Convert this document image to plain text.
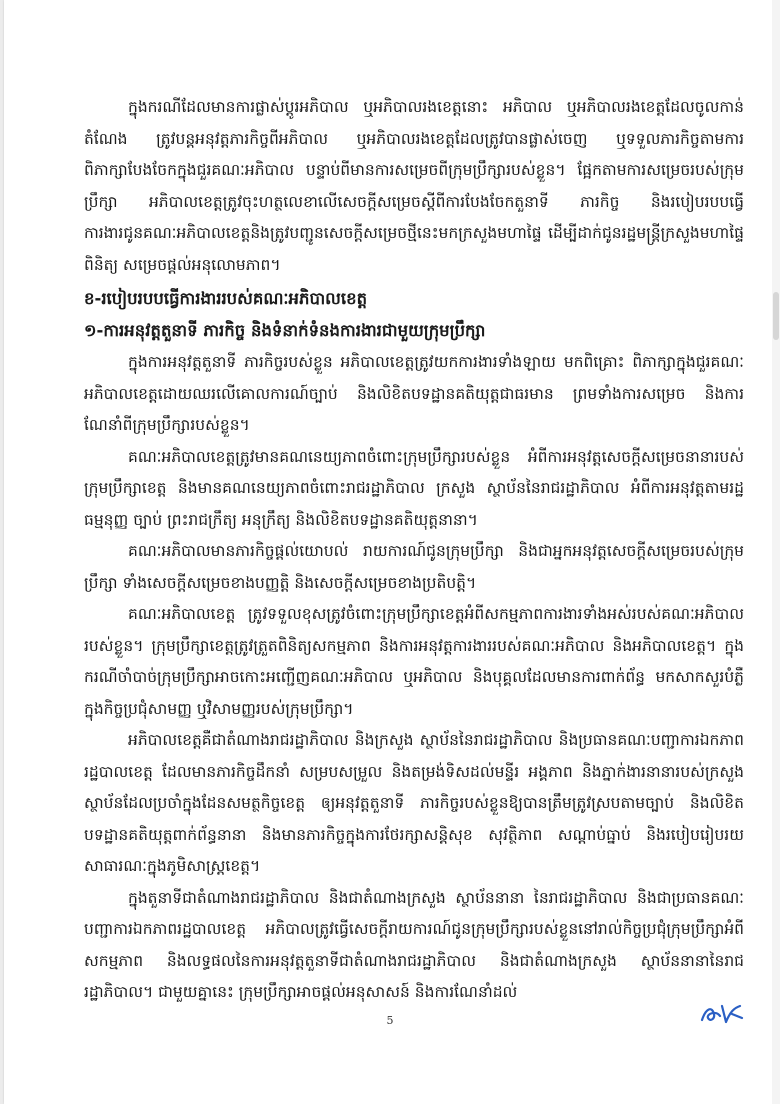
ក្នុងករណីដែលមានការផ្លាស់ប្តូរអភិបាល ឬអភិបាលរងខេត្តនោះ អភិបាល ឬអភិបាលរងខេត្តដែលចូលកាន់តំណែង ត្រូវបន្តអនុវត្តភារកិច្ចពីអភិបាល ឬអភិបាលរងខេត្តដែលត្រូវបានផ្លាស់ចេញ ឬទទួលភារកិច្ចតាមការពិភាក្សាបែងចែកក្នុងជួរគណៈអភិបាល បន្ទាប់ពីមានការសម្រេចពីក្រុមប្រឹក្សារបស់ខ្លួន។ ផ្អែកតាមការសម្រេចរបស់ក្រុមប្រឹក្សា អភិបាលខេត្តត្រូវចុះហត្ថលេខាលើសេចក្តីសម្រេចស្តីពីការបែងចែកតួនាទី ភារកិច្ច និងរបៀបរបបធ្វើការងារជូនគណៈអភិបាលខេត្តនិងត្រូវបញ្ជូនសេចក្តីសម្រេចថ្មីនេះមកក្រសួងមហាផ្ទៃ ដើម្បីដាក់ជូនរដ្ឋមន្ត្រីក្រសួងមហាផ្ទៃ ពិនិត្យ សម្រេចផ្តល់អនុលោមភាព។

ខ-របៀបរបបធ្វើការងាររបស់គណៈអភិបាលខេត្ត

១-ការអនុវត្តតួនាទី ភារកិច្ច និងទំនាក់ទំនងការងារជាមួយក្រុមប្រឹក្សា

ក្នុងការអនុវត្តតួនាទី ភារកិច្ចរបស់ខ្លួន អភិបាលខេត្តត្រូវយកការងារទាំងឡាយ មកពិគ្រោះ ពិភាក្សាក្នុងជួរគណៈអភិបាលខេត្តដោយឈរលើគោលការណ៍ច្បាប់ និងលិខិតបទដ្ឋានគតិយុត្តជាធរមាន ព្រមទាំងការសម្រេច និងការណែនាំពីក្រុមប្រឹក្សារបស់ខ្លួន។

គណៈអភិបាលខេត្តត្រូវមានគណនេយ្យភាពចំពោះក្រុមប្រឹក្សារបស់ខ្លួន អំពីការអនុវត្តសេចក្តីសម្រេចនានារបស់ក្រុមប្រឹក្សាខេត្ត និងមានគណនេយ្យភាពចំពោះរាជរដ្ឋាភិបាល ក្រសួង ស្ថាប័ននៃរាជរដ្ឋាភិបាល អំពីការអនុវត្តតាមរដ្ឋធម្មនុញ្ញ ច្បាប់ ព្រះរាជក្រឹត្យ អនុក្រឹត្យ និងលិខិតបទដ្ឋានគតិយុត្តនានា។

គណៈអភិបាលមានភារកិច្ចផ្តល់យោបល់ រាយការណ៍ជូនក្រុមប្រឹក្សា និងជាអ្នកអនុវត្តសេចក្តីសម្រេចរបស់ក្រុមប្រឹក្សា ទាំងសេចក្តីសម្រេចខាងបញ្ញត្តិ និងសេចក្តីសម្រេចខាងប្រតិបត្តិ។

គណៈអភិបាលខេត្ត ត្រូវទទួលខុសត្រូវចំពោះក្រុមប្រឹក្សាខេត្តអំពីសកម្មភាពការងារទាំងអស់របស់គណៈអភិបាលរបស់ខ្លួន។ ក្រុមប្រឹក្សាខេត្តត្រូវត្រួតពិនិត្យសកម្មភាព និងការអនុវត្តការងាររបស់គណៈអភិបាល និងអភិបាលខេត្ត។ ក្នុងករណីចាំបាច់ក្រុមប្រឹក្សាអាចកោះអញ្ជើញគណៈអភិបាល ឬអភិបាល និងបុគ្គលដែលមានការពាក់ព័ន្ធ មកសាកសួរបំភ្លឺក្នុងកិច្ចប្រជុំសាមញ្ញ ឬវិសាមញ្ញរបស់ក្រុមប្រឹក្សា។

អភិបាលខេត្តគឺជាតំណាងរាជរដ្ឋាភិបាល និងក្រសួង ស្ថាប័ននៃរាជរដ្ឋាភិបាល និងប្រធានគណៈបញ្ជាការឯកភាពរដ្ឋបាលខេត្ត ដែលមានភារកិច្ចដឹកនាំ សម្របសម្រួល និងតម្រង់ទិសដល់មន្ទីរ អង្គភាព និងភ្នាក់ងារនានារបស់ក្រសួង ស្ថាប័នដែលប្រចាំក្នុងដែនសមត្ថកិច្ចខេត្ត ឲ្យអនុវត្តតួនាទី ភារកិច្ចរបស់ខ្លួនឱ្យបានត្រឹមត្រូវស្របតាមច្បាប់ និងលិខិតបទដ្ឋានគតិយុត្តពាក់ព័ន្ធនានា និងមានភារកិច្ចក្នុងការថែរក្សាសន្តិសុខ សុវត្ថិភាព សណ្តាប់ធ្នាប់ និងរបៀបរៀបរយសាធារណៈក្នុងភូមិសាស្ត្រខេត្ត។

ក្នុងតួនាទីជាតំណាងរាជរដ្ឋាភិបាល និងជាតំណាងក្រសួង ស្ថាប័ននានា នៃរាជរដ្ឋាភិបាល និងជាប្រធានគណៈបញ្ជាការឯកភាពរដ្ឋបាលខេត្ត អភិបាលត្រូវធ្វើសេចក្តីរាយការណ៍ជូនក្រុមប្រឹក្សារបស់ខ្លួននៅរាល់កិច្ចប្រជុំក្រុមប្រឹក្សាអំពីសកម្មភាព និងលទ្ធផលនៃការអនុវត្តតួនាទីជាតំណាងរាជរដ្ឋាភិបាល និងជាតំណាងក្រសួង ស្ថាប័ននានានៃរាជរដ្ឋាភិបាល។ ជាមួយគ្នានេះ ក្រុមប្រឹក្សាអាចផ្តល់អនុសាសន៍ និងការណែនាំដល់

5
